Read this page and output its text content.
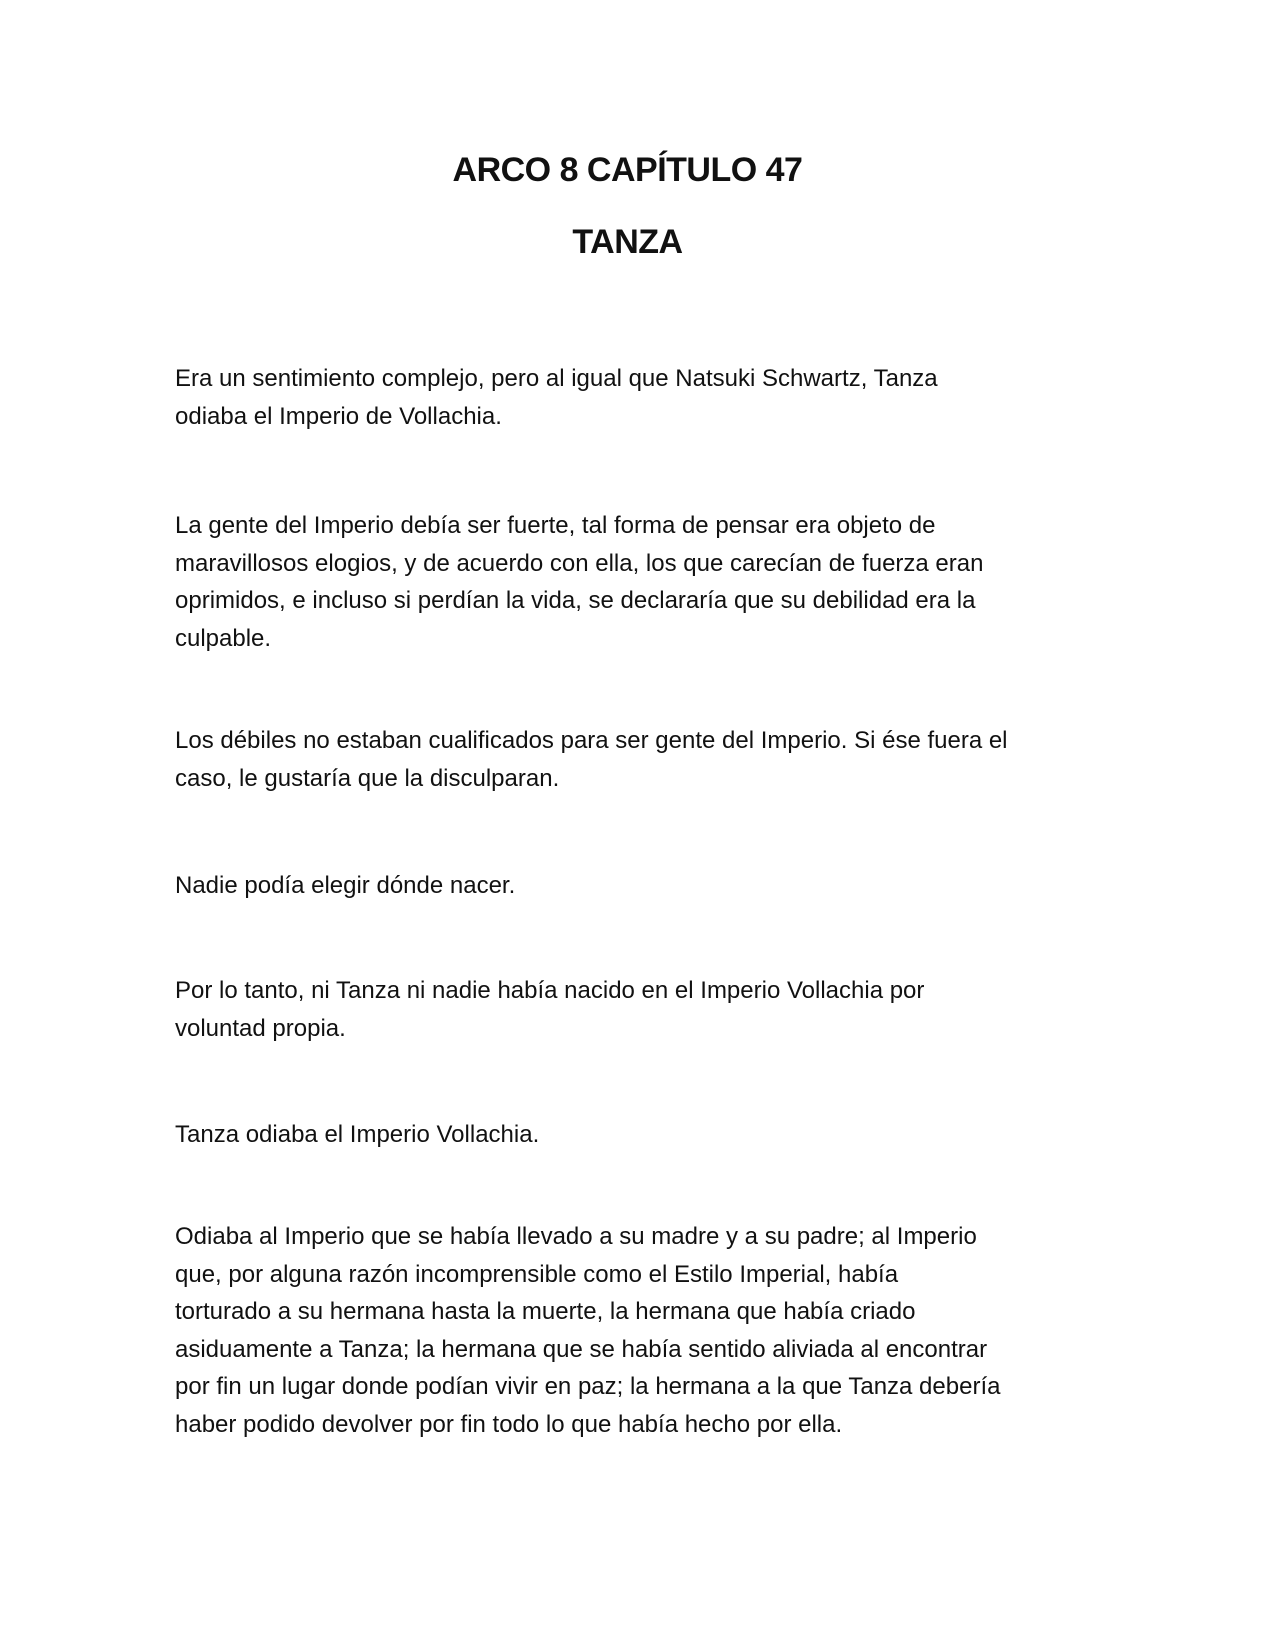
ARCO 8 CAPÍTULO 47
TANZA

Era un sentimiento complejo, pero al igual que Natsuki Schwartz, Tanza
odiaba el Imperio de Vollachia.

La gente del Imperio debía ser fuerte, tal forma de pensar era objeto de
maravillosos elogios, y de acuerdo con ella, los que carecían de fuerza eran
oprimidos, e incluso si perdían la vida, se declararía que su debilidad era la
culpable.

Los débiles no estaban cualificados para ser gente del Imperio. Si ése fuera el
caso, le gustaría que la disculparan.

Nadie podía elegir dónde nacer.

Por lo tanto, ni Tanza ni nadie había nacido en el Imperio Vollachia por
voluntad propia.

Tanza odiaba el Imperio Vollachia.

Odiaba al Imperio que se había llevado a su madre y a su padre; al Imperio
que, por alguna razón incomprensible como el Estilo Imperial, había
torturado a su hermana hasta la muerte, la hermana que había criado
asiduamente a Tanza; la hermana que se había sentido aliviada al encontrar
por fin un lugar donde podían vivir en paz; la hermana a la que Tanza debería
haber podido devolver por fin todo lo que había hecho por ella.
